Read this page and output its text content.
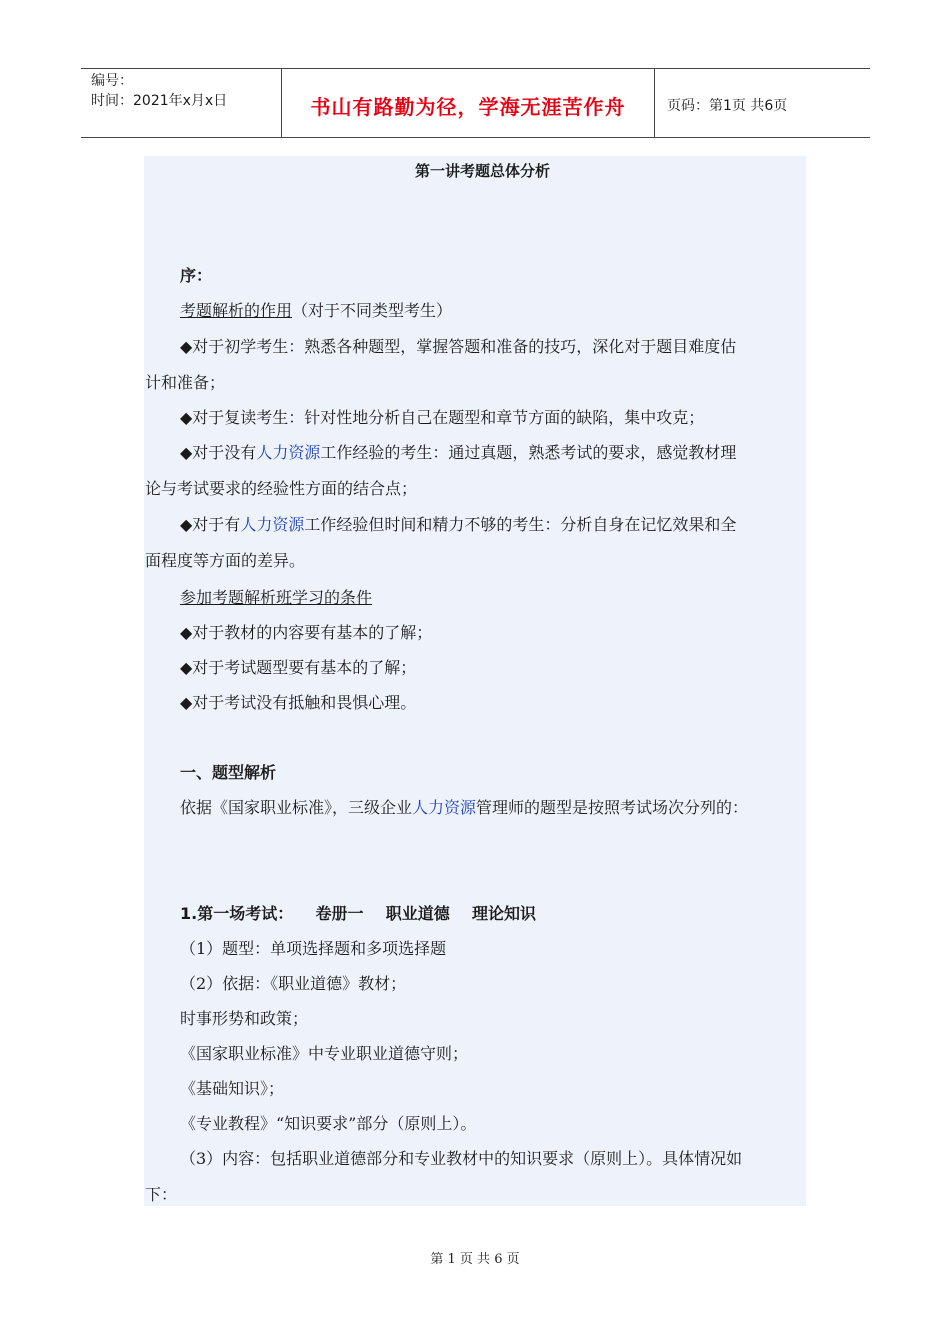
编号：
时间：2021年x月x日	书山有路勤为径，学海无涯苦作舟	页码：第1页 共6页
第一讲考题总体分析
序：
考题解析的作用（对于不同类型考生）
◆对于初学考生：熟悉各种题型，掌握答题和准备的技巧，深化对于题目难度估
计和准备；
◆对于复读考生：针对性地分析自己在题型和章节方面的缺陷，集中攻克；
◆对于没有人力资源工作经验的考生：通过真题，熟悉考试的要求，感觉教材理
论与考试要求的经验性方面的结合点；
◆对于有人力资源工作经验但时间和精力不够的考生：分析自身在记忆效果和全
面程度等方面的差异。
参加考题解析班学习的条件
◆对于教材的内容要有基本的了解；
◆对于考试题型要有基本的了解；
◆对于考试没有抵触和畏惧心理。
一、题型解析
依据《国家职业标准》，三级企业人力资源管理师的题型是按照考试场次分列的：
1.第一场考试：    卷册一    职业道德    理论知识
（1）题型：单项选择题和多项选择题
（2）依据：《职业道德》教材；
时事形势和政策；
《国家职业标准》中专业职业道德守则；
《基础知识》；
《专业教程》“知识要求”部分（原则上）。
（3）内容：包括职业道德部分和专业教材中的知识要求（原则上）。具体情况如
下：
第 1 页 共 6 页
